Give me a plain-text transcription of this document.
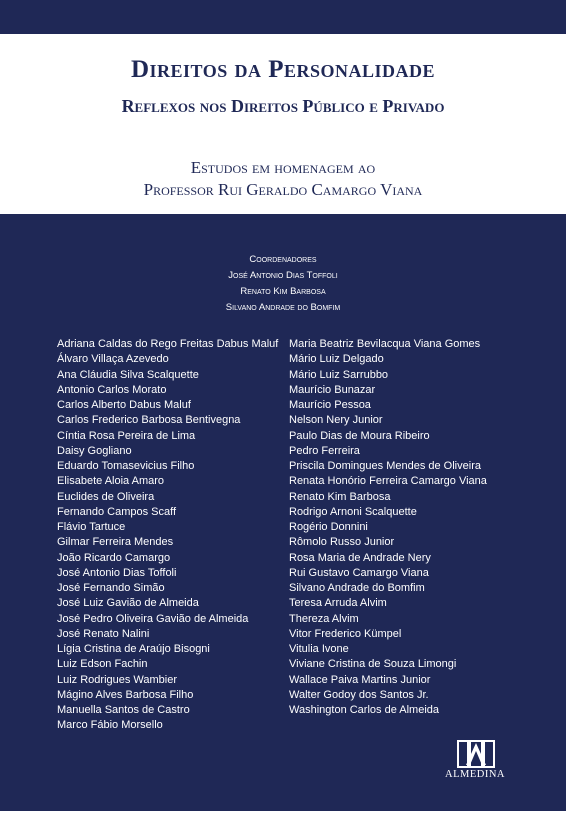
Direitos da Personalidade
Reflexos nos Direitos Público e Privado

Estudos em homenagem ao

Professor Rui Geraldo Camargo Viana

Coordenadores
José Antonio Dias Toffoli
Renato Kim Barbosa
Silvano Andrade do Bomfim
Adriana Caldas do Rego Freitas Dabus Maluf
Álvaro Villaça Azevedo
Ana Cláudia Silva Scalquette
Antonio Carlos Morato
Carlos Alberto Dabus Maluf
Carlos Frederico Barbosa Bentivegna
Cíntia Rosa Pereira de Lima
Daisy Gogliano
Eduardo Tomasevicius Filho
Elisabete Aloia Amaro
Euclides de Oliveira
Fernando Campos Scaff
Flávio Tartuce
Gilmar Ferreira Mendes
João Ricardo Camargo
José Antonio Dias Toffoli
José Fernando Simão
José Luiz Gavião de Almeida
José Pedro Oliveira Gavião de Almeida
José Renato Nalini
Lígia Cristina de Araújo Bisogni
Luiz Edson Fachin
Luiz Rodrigues Wambier
Mágino Alves Barbosa Filho
Manuella Santos de Castro
Marco Fábio Morsello
Maria Beatriz Bevilacqua Viana Gomes
Mário Luiz Delgado
Mário Luiz Sarrubbo
Maurício Bunazar
Maurício Pessoa
Nelson Nery Junior
Paulo Dias de Moura Ribeiro
Pedro Ferreira
Priscila Domingues Mendes de Oliveira
Renata Honório Ferreira Camargo Viana
Renato Kim Barbosa
Rodrigo Arnoni Scalquette
Rogério Donnini
Rômolo Russo Junior
Rosa Maria de Andrade Nery
Rui Gustavo Camargo Viana
Silvano Andrade do Bomfim
Teresa Arruda Alvim
Thereza Alvim
Vitor Frederico Kümpel
Vitulia Ivone
Viviane Cristina de Souza Limongi
Wallace Paiva Martins Junior
Walter Godoy dos Santos Jr.
Washington Carlos de Almeida
ALMEDINA
